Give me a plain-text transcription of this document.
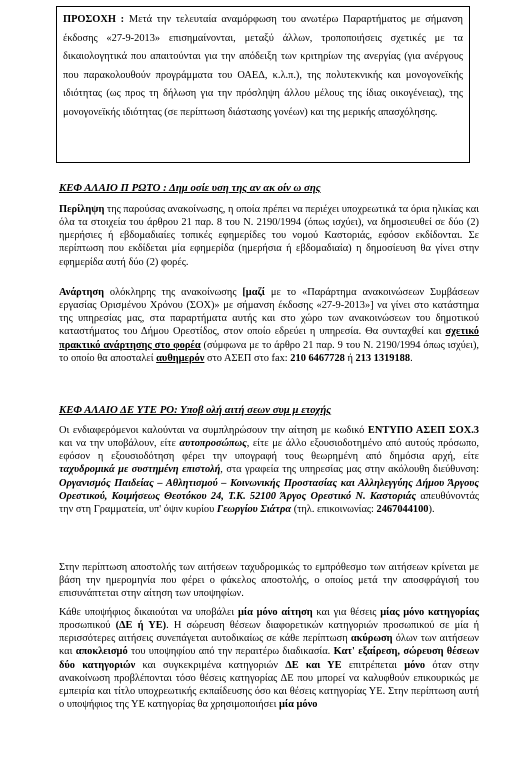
ΠΡΟΣΟΧΗ : Μετά την τελευταία αναμόρφωση του ανωτέρω Παραρτήματος με σήμανση έκδοσης «27-9-2013» επισημαίνονται, μεταξύ άλλων, τροποποιήσεις σχετικές με τα δικαιολογητικά που απαιτούνται για την απόδειξη των κριτηρίων της ανεργίας (για ανέργους που παρακολουθούν προγράμματα του ΟΑΕΔ, κ.λ.π.), της πολυτεκνικής και μονογονεϊκής ιδιότητας (ως προς τη δήλωση για την πρόσληψη άλλου μέλους της ίδιας οικογένειας), της μονογονεϊκής ιδιότητας (σε περίπτωση διάστασης γονέων) και της μερικής απασχόλησης.
ΚΕΦ ΑΛΑΙΟ Π ΡΩΤΟ : Δημ οσίε υση της αν ακ οίν ω σης
Περίληψη της παρούσας ανακοίνωσης, η οποία πρέπει να περιέχει υποχρεωτικά τα όρια ηλικίας και όλα τα στοιχεία του άρθρου 21 παρ. 8 του Ν. 2190/1994 (όπως ισχύει), να δημοσιευθεί σε δύο (2) ημερήσιες ή εβδομαδιαίες τοπικές εφημερίδες του νομού Καστοριάς, εφόσον εκδίδονται. Σε περίπτωση που εκδίδεται μία εφημερίδα (ημερήσια ή εβδομαδιαία) η δημοσίευση θα γίνει στην εφημερίδα αυτή δύο (2) φορές.
Ανάρτηση ολόκληρης της ανακοίνωσης [μαζί με το «Παράρτημα ανακοινώσεων Συμβάσεων εργασίας Ορισμένου Χρόνου (ΣΟΧ)» με σήμανση έκδοσης «27-9-2013»] να γίνει στο κατάστημα της υπηρεσίας μας, στα παραρτήματα αυτής και στο χώρο των ανακοινώσεων του δημοτικού καταστήματος του Δήμου Ορεστίδος, στον οποίο εδρεύει η υπηρεσία. Θα συνταχθεί και σχετικό πρακτικό ανάρτησης στο φορέα (σύμφωνα με το άρθρο 21 παρ. 9 του Ν. 2190/1994 όπως ισχύει), το οποίο θα αποσταλεί αυθημερόν στο ΑΣΕΠ στο fax: 210 6467728 ή 213 1319188.
ΚΕΦ ΑΛΑΙΟ ΔΕ ΥΤΕ ΡΟ: Υποβ ολή αιτή σεων συμ μ ετοχής
Οι ενδιαφερόμενοι καλούνται να συμπληρώσουν την αίτηση με κωδικό ΕΝΤΥΠΟ ΑΣΕΠ ΣΟΧ.3 και να την υποβάλουν, είτε αυτοπροσώπως, είτε με άλλο εξουσιοδοτημένο από αυτούς πρόσωπο, εφόσον η εξουσιοδότηση φέρει την υπογραφή τους θεωρημένη από δημόσια αρχή, είτε ταχυδρομικά με συστημένη επιστολή, στα γραφεία της υπηρεσίας μας στην ακόλουθη διεύθυνση: Οργανισμός Παιδείας – Αθλητισμού – Κοινωνικής Προστασίας και Αλληλεγγύης Δήμου Άργους Ορεστικού, Κοιμήσεως Θεοτόκου 24, Τ.Κ. 52100 Άργος Ορεστικό Ν. Καστοριάς απευθύνοντάς την στη Γραμματεία, υπ' όψιν κυρίου Γεωργίου Σιάτρα (τηλ. επικοινωνίας: 2467044100).
Στην περίπτωση αποστολής των αιτήσεων ταχυδρομικώς το εμπρόθεσμο των αιτήσεων κρίνεται με βάση την ημερομηνία που φέρει ο φάκελος αποστολής, ο οποίος μετά την αποσφράγισή του επισυνάπτεται στην αίτηση των υποψηφίων.
Κάθε υποψήφιος δικαιούται να υποβάλει μία μόνο αίτηση και για θέσεις μίας μόνο κατηγορίας προσωπικού (ΔΕ ή ΥΕ). Η σώρευση θέσεων διαφορετικών κατηγοριών προσωπικού σε μία ή περισσότερες αιτήσεις συνεπάγεται αυτοδικαίως σε κάθε περίπτωση ακύρωση όλων των αιτήσεων και αποκλεισμό του υποψηφίου από την περαιτέρω διαδικασία. Κατ' εξαίρεση, σώρευση θέσεων δύο κατηγοριών και συγκεκριμένα κατηγοριών ΔΕ και ΥΕ επιτρέπεται μόνο όταν στην ανακοίνωση προβλέπονται τόσο θέσεις κατηγορίας ΔΕ που μπορεί να καλυφθούν επικουρικώς με εμπειρία και τίτλο υποχρεωτικής εκπαίδευσης όσο και θέσεις κατηγορίας ΥΕ. Στην περίπτωση αυτή ο υποψήφιος της ΥΕ κατηγορίας θα χρησιμοποιήσει μία μόνο
